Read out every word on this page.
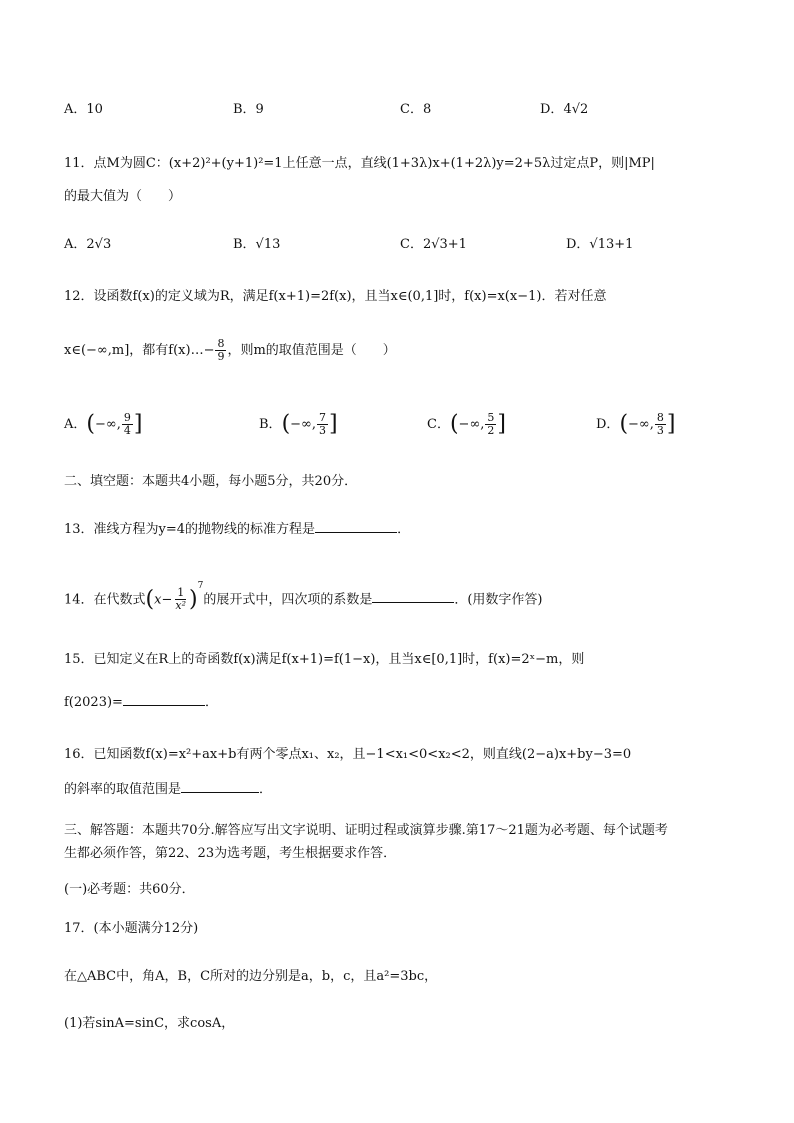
A．10	B．9	C．8	D．4√2
11．点M为圆C：(x+2)²+(y+1)²=1上任意一点，直线(1+3λ)x+(1+2λ)y=2+5λ过定点P，则|MP|
的最大值为（　　）
A．2√3	B．√13	C．2√3+1	D．√13+1
12．设函数f(x)的定义域为R，满足f(x+1)=2f(x)，且当x∈(0,1]时，f(x)=x(x−1)．若对任意
x∈(−∞,m]，都有f(x)…− $\frac{8}{9}$ ，则m的取值范围是（　　）
A．(−∞, $\frac{9}{4}$ ]	B．(−∞, $\frac{7}{3}$ ]	C．(−∞, $\frac{5}{2}$ ]	D．(−∞, $\frac{8}{3}$ ]
二、填空题：本题共4小题，每小题5分，共20分．
13．准线方程为y=4的抛物线的标准方程是	．
14．在代数式$(x- \frac{1}{\text{x²}} )^7$的展开式中，四次项的系数是	．(用数字作答)
15．已知定义在R上的奇函数f(x)满足f(x+1)=f(1−x)，且当x∈[0,1]时，f(x)=2ˣ−m，则
f(2023)=	．
16．已知函数f(x)=x²+ax+b有两个零点x₁、x₂，且−1<x₁<0<x₂<2，则直线(2−a)x+by−3=0
的斜率的取值范围是	．
三、解答题：本题共70分.解答应写出文字说明、证明过程或演算步骤.第17～21题为必考题、每个试题考
生都必须作答，第22、23为选考题，考生根据要求作答．
(一)必考题：共60分．
17．(本小题满分12分)
在△ABC中，角A，B，C所对的边分别是a，b，c，且a²=3bc，
(1)若sinA=sinC，求cosA，
